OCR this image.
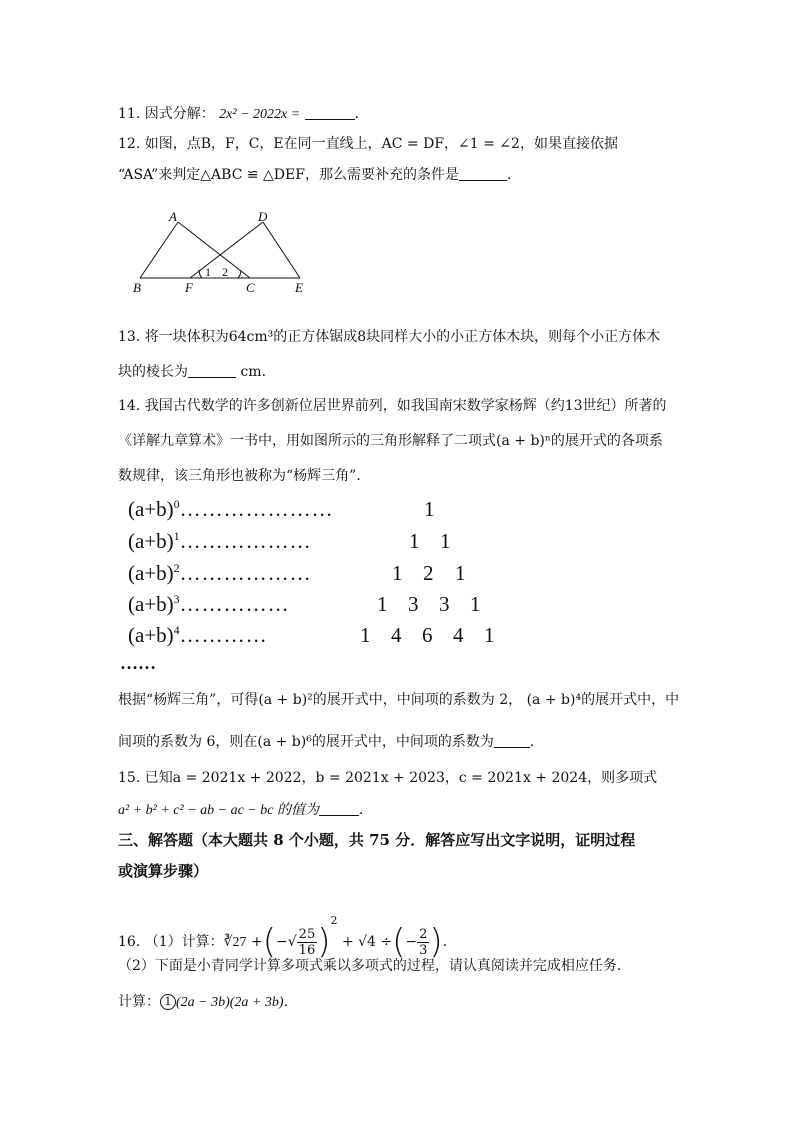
11. 因式分解： 2x² − 2022x =	．
12. 如图，点B，F，C，E在同一直线上，AC = DF，∠1 = ∠2，如果直接依据
“ASA”来判定△ABC ≌ △DEF，那么需要补充的条件是	．
A	D
B	F	C	E
1 2
13. 将一块体积为64cm³的正方体锯成8块同样大小的小正方体木块，则每个小正方体木
块的棱长为	cm．
14. 我国古代数学的许多创新位居世界前列，如我国南宋数学家杨辉（约13世纪）所著的
《详解九章算术》一书中，用如图所示的三角形解释了二项式(a + b)ⁿ的展开式的各项系
数规律，该三角形也被称为“杨辉三角”．
$(a+b)^0\dots\dots\dots\dots\dots\dots\dots$	1
$(a+b)^1\dots\dots\dots\dots\dots\dots$	1 1
$(a+b)^2\dots\dots\dots\dots\dots\dots$	1 2 1
$(a+b)^3\dots\dots\dots\dots\dots$	1 3 3 1
$(a+b)^4\dots\dots\dots\dots$	1 4 6 4 1
……
根据“杨辉三角”，可得(a + b)²的展开式中，中间项的系数为 2， (a + b)⁴的展开式中，中
间项的系数为 6，则在(a + b)⁶的展开式中，中间项的系数为	．
15. 已知a = 2021x + 2022，b = 2021x + 2023，c = 2021x + 2024，则多项式
a² + b² + c² − ab − ac − bc 的值为	．
三、解答题（本大题共 8 个小题，共 75 分．解答应写出文字说明，证明过程
或演算步骤）
16. （1）计算：∛27 +(−√ $\frac{25}{16} )^2 + √4$ ÷(− $\frac{2}{3}$ )．
（2）下面是小青同学计算多项式乘以多项式的过程，请认真阅读并完成相应任务．
计算： 1 (2a − 3b)(2a + 3b)．
